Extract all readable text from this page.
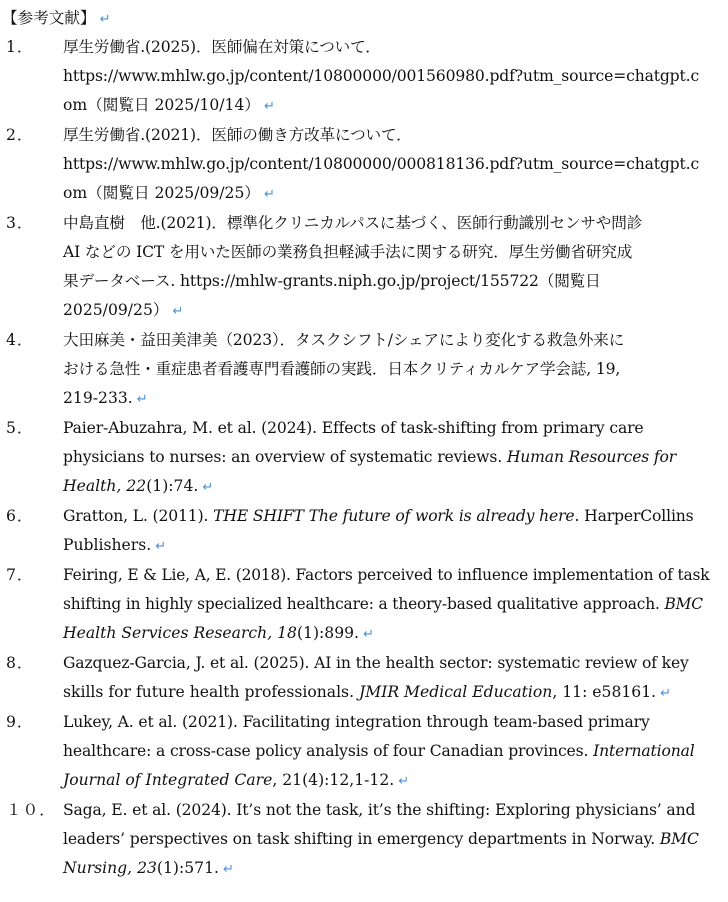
【参考文献】 ↵
1． 厚生労働省.(2025)．医師偏在対策について．
https://www.mhlw.go.jp/content/10800000/001560980.pdf?utm_source=chatgpt.c
om（閲覧日 2025/10/14） ↵
2． 厚生労働省.(2021)．医師の働き方改革について．
https://www.mhlw.go.jp/content/10800000/000818136.pdf?utm_source=chatgpt.c
om（閲覧日 2025/09/25） ↵
3． 中島直樹　他.(2021)．標準化クリニカルパスに基づく、医師行動識別センサや問診
AI などの ICT を用いた医師の業務負担軽減手法に関する研究．厚生労働省研究成
果データベース. https://mhlw-grants.niph.go.jp/project/155722（閲覧日
2025/09/25） ↵
4． 大田麻美・益田美津美（2023）．タスクシフト/シェアにより変化する救急外来に
おける急性・重症患者看護専門看護師の実践．日本クリティカルケア学会誌, 19,
219-233. ↵
5． Paier-Abuzahra, M. et al. (2024). Effects of task-shifting from primary care
physicians to nurses: an overview of systematic reviews. Human Resources for
Health, 22(1):74. ↵
6． Gratton, L. (2011). THE SHIFT The future of work is already here. HarperCollins
Publishers. ↵
7． Feiring, E & Lie, A, E. (2018). Factors perceived to influence implementation of task
shifting in highly specialized healthcare: a theory-based qualitative approach. BMC
Health Services Research, 18(1):899. ↵
8． Gazquez-Garcia, J. et al. (2025). AI in the health sector: systematic review of key
skills for future health professionals. JMIR Medical Education, 11: e58161. ↵
9． Lukey, A. et al. (2021). Facilitating integration through team-based primary
healthcare: a cross-case policy analysis of four Canadian provinces. International
Journal of Integrated Care, 21(4):12,1-12. ↵
１０． Saga, E. et al. (2024). It’s not the task, it’s the shifting: Exploring physicians’ and
leaders’ perspectives on task shifting in emergency departments in Norway. BMC
Nursing, 23(1):571. ↵
